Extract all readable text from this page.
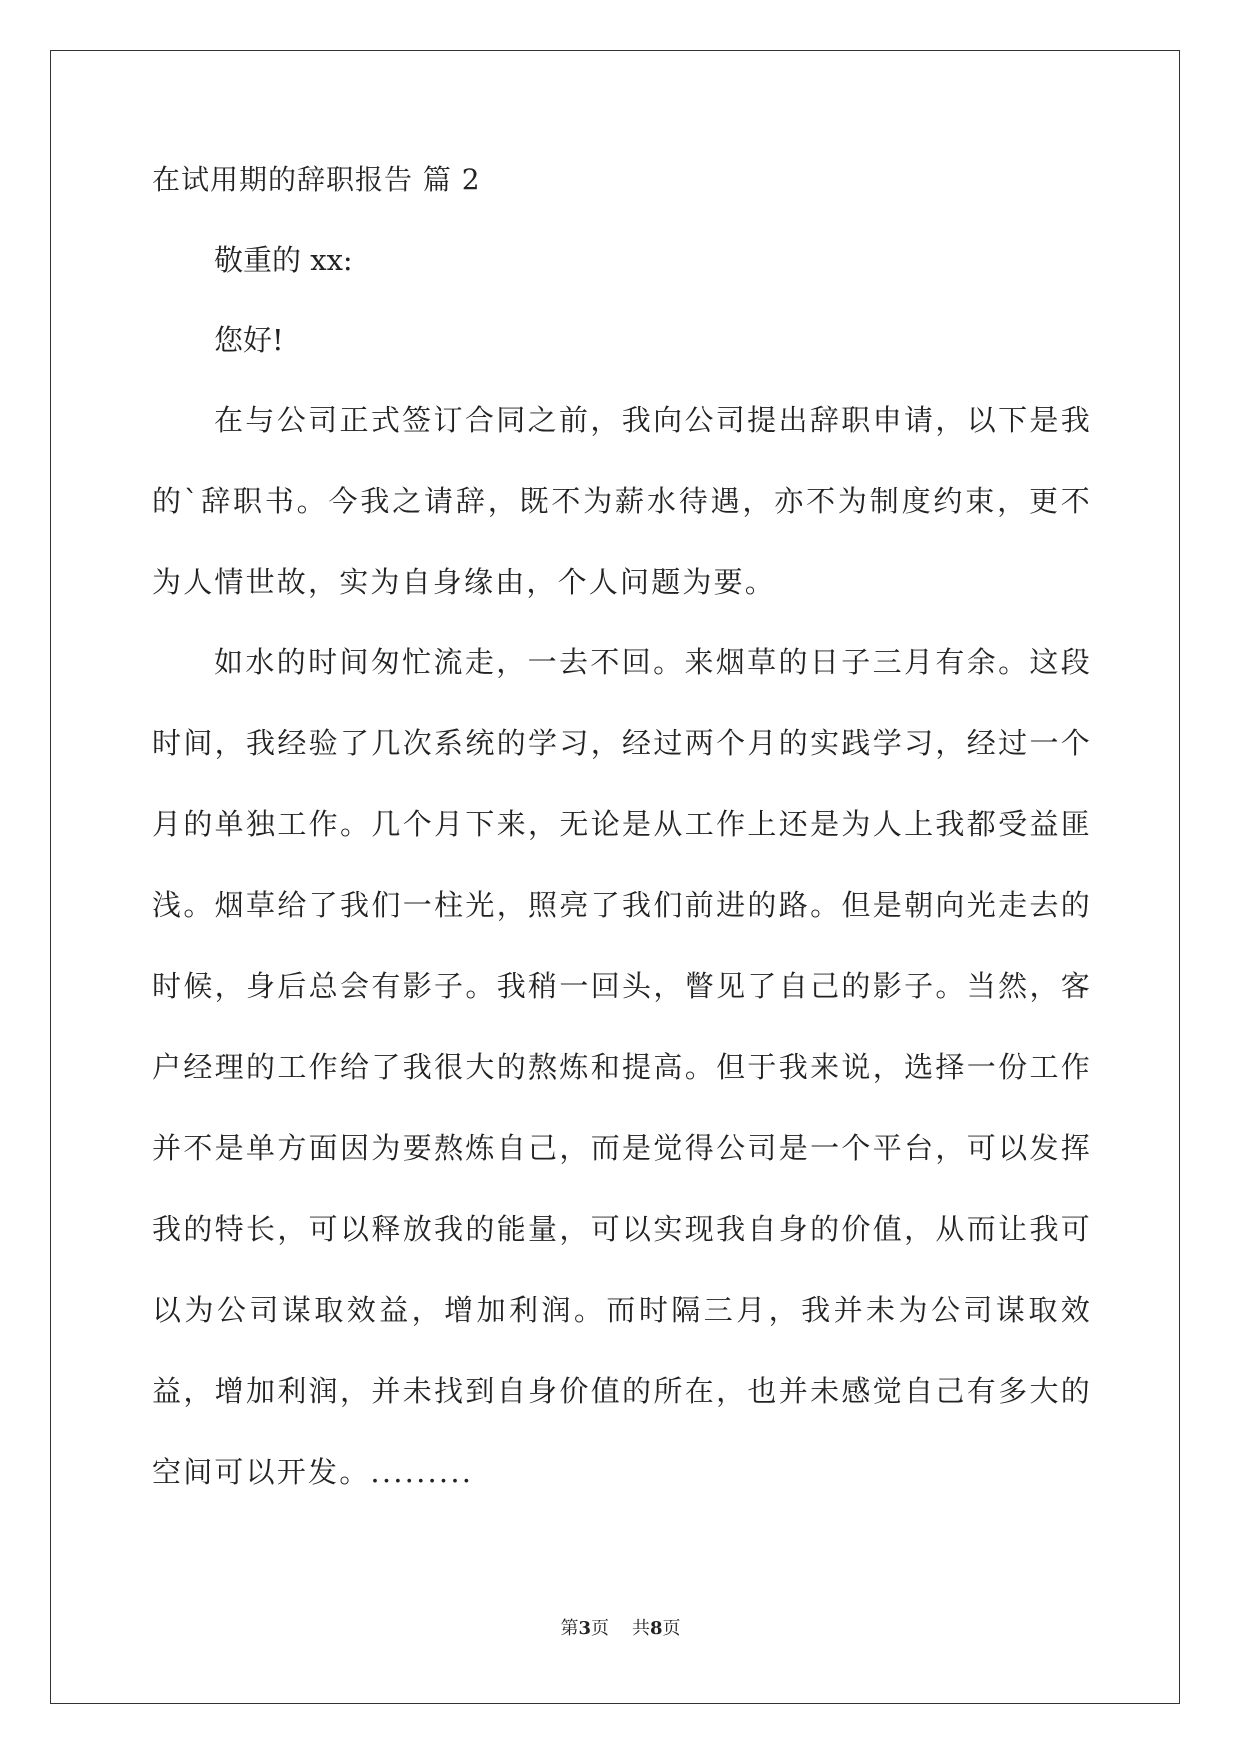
在试用期的辞职报告 篇 2
敬重的 xx:
您好!
在与公司正式签订合同之前，我向公司提出辞职申请，以下是我的`辞职书。今我之请辞，既不为薪水待遇，亦不为制度约束，更不为人情世故，实为自身缘由，个人问题为要。
如水的时间匆忙流走，一去不回。来烟草的日子三月有余。这段时间，我经验了几次系统的学习，经过两个月的实践学习，经过一个月的单独工作。几个月下来，无论是从工作上还是为人上我都受益匪浅。烟草给了我们一柱光，照亮了我们前进的路。但是朝向光走去的时候，身后总会有影子。我稍一回头，瞥见了自己的影子。当然，客户经理的工作给了我很大的熬炼和提高。但于我来说，选择一份工作并不是单方面因为要熬炼自己，而是觉得公司是一个平台，可以发挥我的特长，可以释放我的能量，可以实现我自身的价值，从而让我可以为公司谋取效益，增加利润。而时隔三月，我并未为公司谋取效益，增加利润，并未找到自身价值的所在，也并未感觉自己有多大的空间可以开发。.........
第3页 共8页
